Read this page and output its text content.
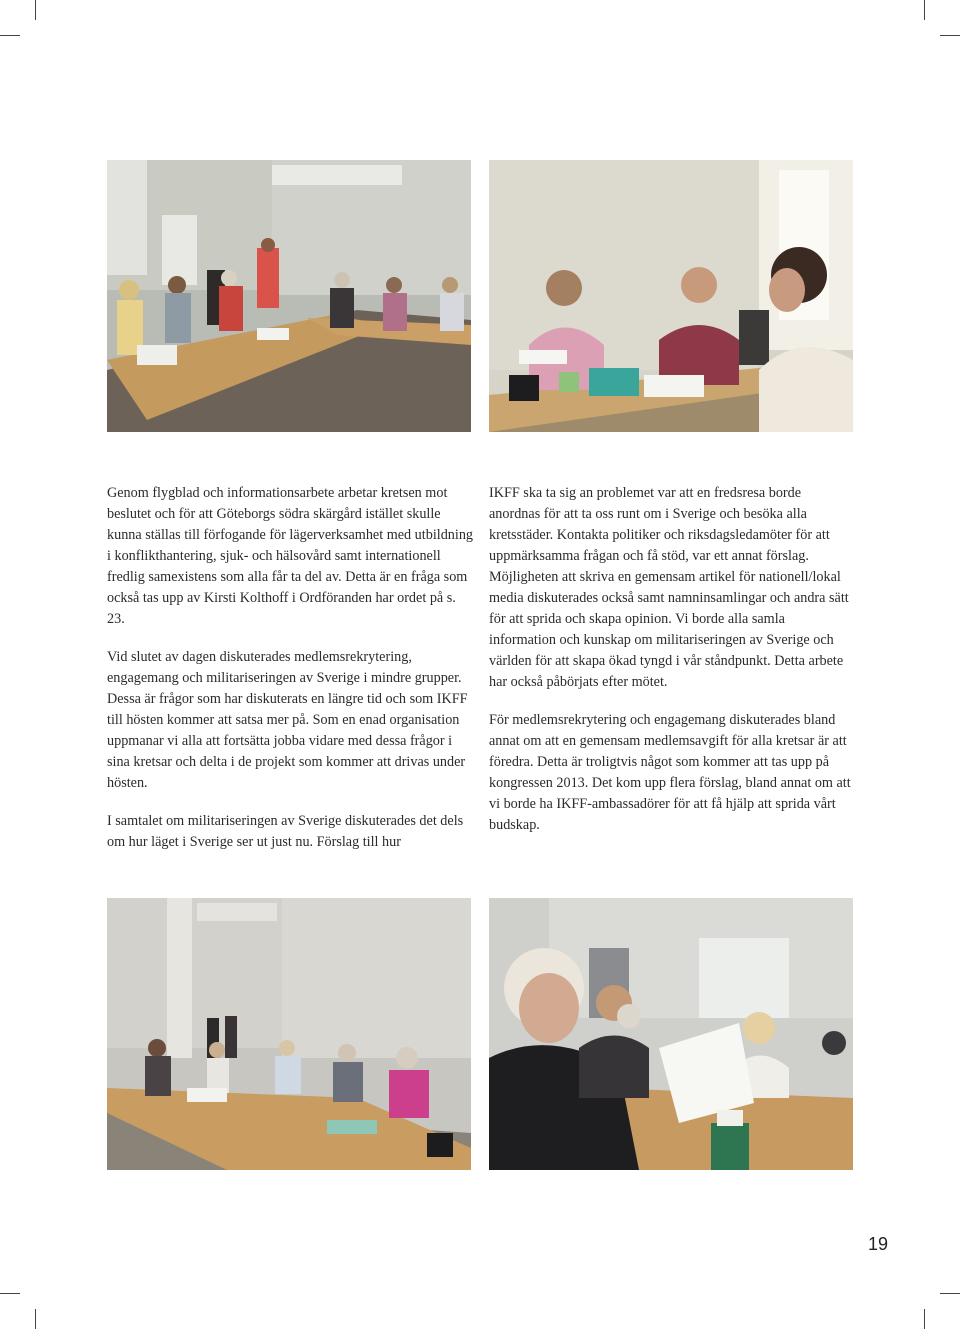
Genom flygblad och informationsarbete arbetar kretsen mot beslutet och för att Göteborgs södra skärgård istället skulle kunna ställas till förfogande för lägerverksamhet med utbildning i konflikthantering, sjuk- och hälsovård samt internationell fredlig samexistens som alla får ta del av. Detta är en fråga som också tas upp av Kirsti Kolthoff i Ordföranden har ordet på s. 23.

Vid slutet av dagen diskuterades medlemsrekrytering, engagemang och militariseringen av Sverige i mindre grupper. Dessa är frågor som har diskuterats en längre tid och som IKFF till hösten kommer att satsa mer på. Som en enad organisation uppmanar vi alla att fortsätta jobba vidare med dessa frågor i sina kretsar och delta i de projekt som kommer att drivas under hösten.

I samtalet om militariseringen av Sverige diskuterades det dels om hur läget i Sverige ser ut just nu. Förslag till hur

IKFF ska ta sig an problemet var att en fredsresa borde anordnas för att ta oss runt om i Sverige och besöka alla kretsstäder. Kontakta politiker och riksdagsledamöter för att uppmärksamma frågan och få stöd, var ett annat förslag. Möjligheten att skriva en gemensam artikel för nationell/lokal media diskuterades också samt namninsamlingar och andra sätt för att sprida och skapa opinion. Vi borde alla samla information och kunskap om militariseringen av Sverige och världen för att skapa ökad tyngd i vår ståndpunkt. Detta arbete har också påbörjats efter mötet.

För medlemsrekrytering och engagemang diskuterades bland annat om att en gemensam medlemsavgift för alla kretsar är att föredra. Detta är troligtvis något som kommer att tas upp på kongressen 2013. Det kom upp flera förslag, bland annat om att vi borde ha IKFF-ambassadörer för att få hjälp att sprida vårt budskap.

19
